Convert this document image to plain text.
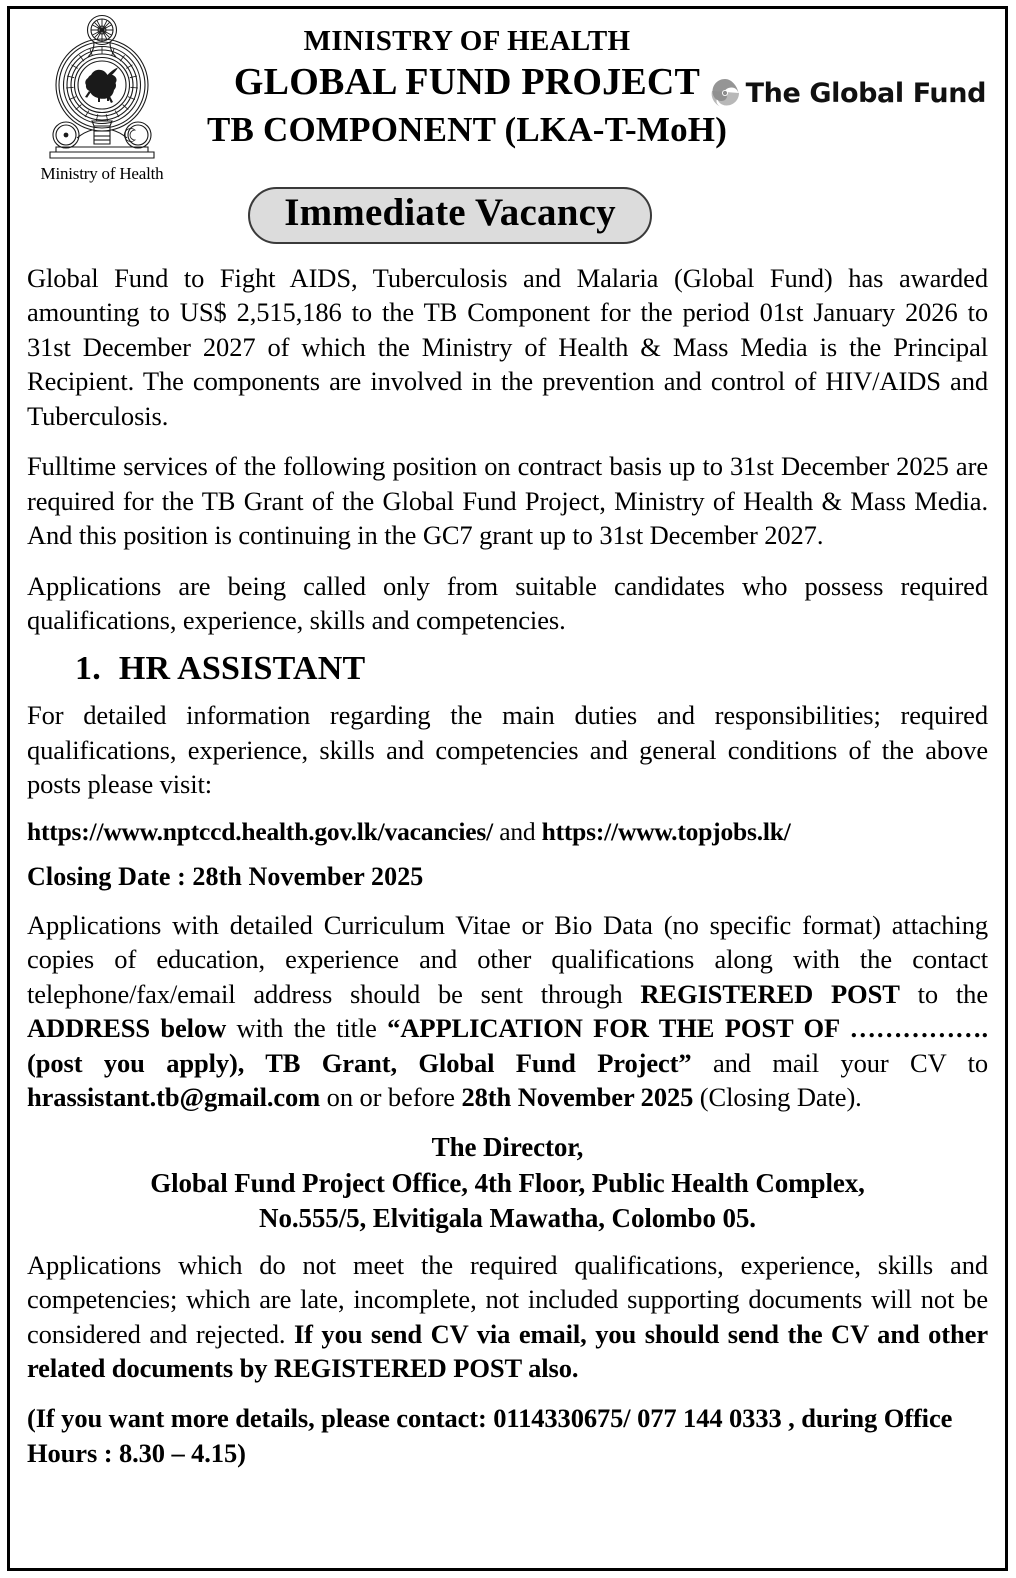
Ministry of Health
MINISTRY OF HEALTH
GLOBAL FUND PROJECT
TB COMPONENT (LKA-T-MoH)
The Global Fund
Immediate Vacancy

Global Fund to Fight AIDS, Tuberculosis and Malaria (Global Fund) has awarded amounting to US$ 2,515,186 to the TB Component for the period 01st January 2026 to 31st December 2027 of which the Ministry of Health & Mass Media is the Principal Recipient. The components are involved in the prevention and control of HIV/AIDS and Tuberculosis.

Fulltime services of the following position on contract basis up to 31st December 2025 are required for the TB Grant of the Global Fund Project, Ministry of Health & Mass Media. And this position is continuing in the GC7 grant up to 31st December 2027.

Applications are being called only from suitable candidates who possess required qualifications, experience, skills and competencies.

1. HR ASSISTANT

For detailed information regarding the main duties and responsibilities; required qualifications, experience, skills and competencies and general conditions of the above posts please visit:

https://www.nptccd.health.gov.lk/vacancies/ and https://www.topjobs.lk/
Closing Date : 28th November 2025

Applications with detailed Curriculum Vitae or Bio Data (no specific format) attaching copies of education, experience and other qualifications along with the contact telephone/fax/email address should be sent through REGISTERED POST to the ADDRESS below with the title “APPLICATION FOR THE POST OF ……………. (post you apply), TB Grant, Global Fund Project” and mail your CV to hrassistant.tb@gmail.com on or before 28th November 2025 (Closing Date).

The Director,
Global Fund Project Office, 4th Floor, Public Health Complex,
No.555/5, Elvitigala Mawatha, Colombo 05.

Applications which do not meet the required qualifications, experience, skills and competencies; which are late, incomplete, not included supporting documents will not be considered and rejected. If you send CV via email, you should send the CV and other related documents by REGISTERED POST also.

(If you want more details, please contact: 0114330675/ 077 144 0333 , during Office Hours : 8.30 – 4.15)
